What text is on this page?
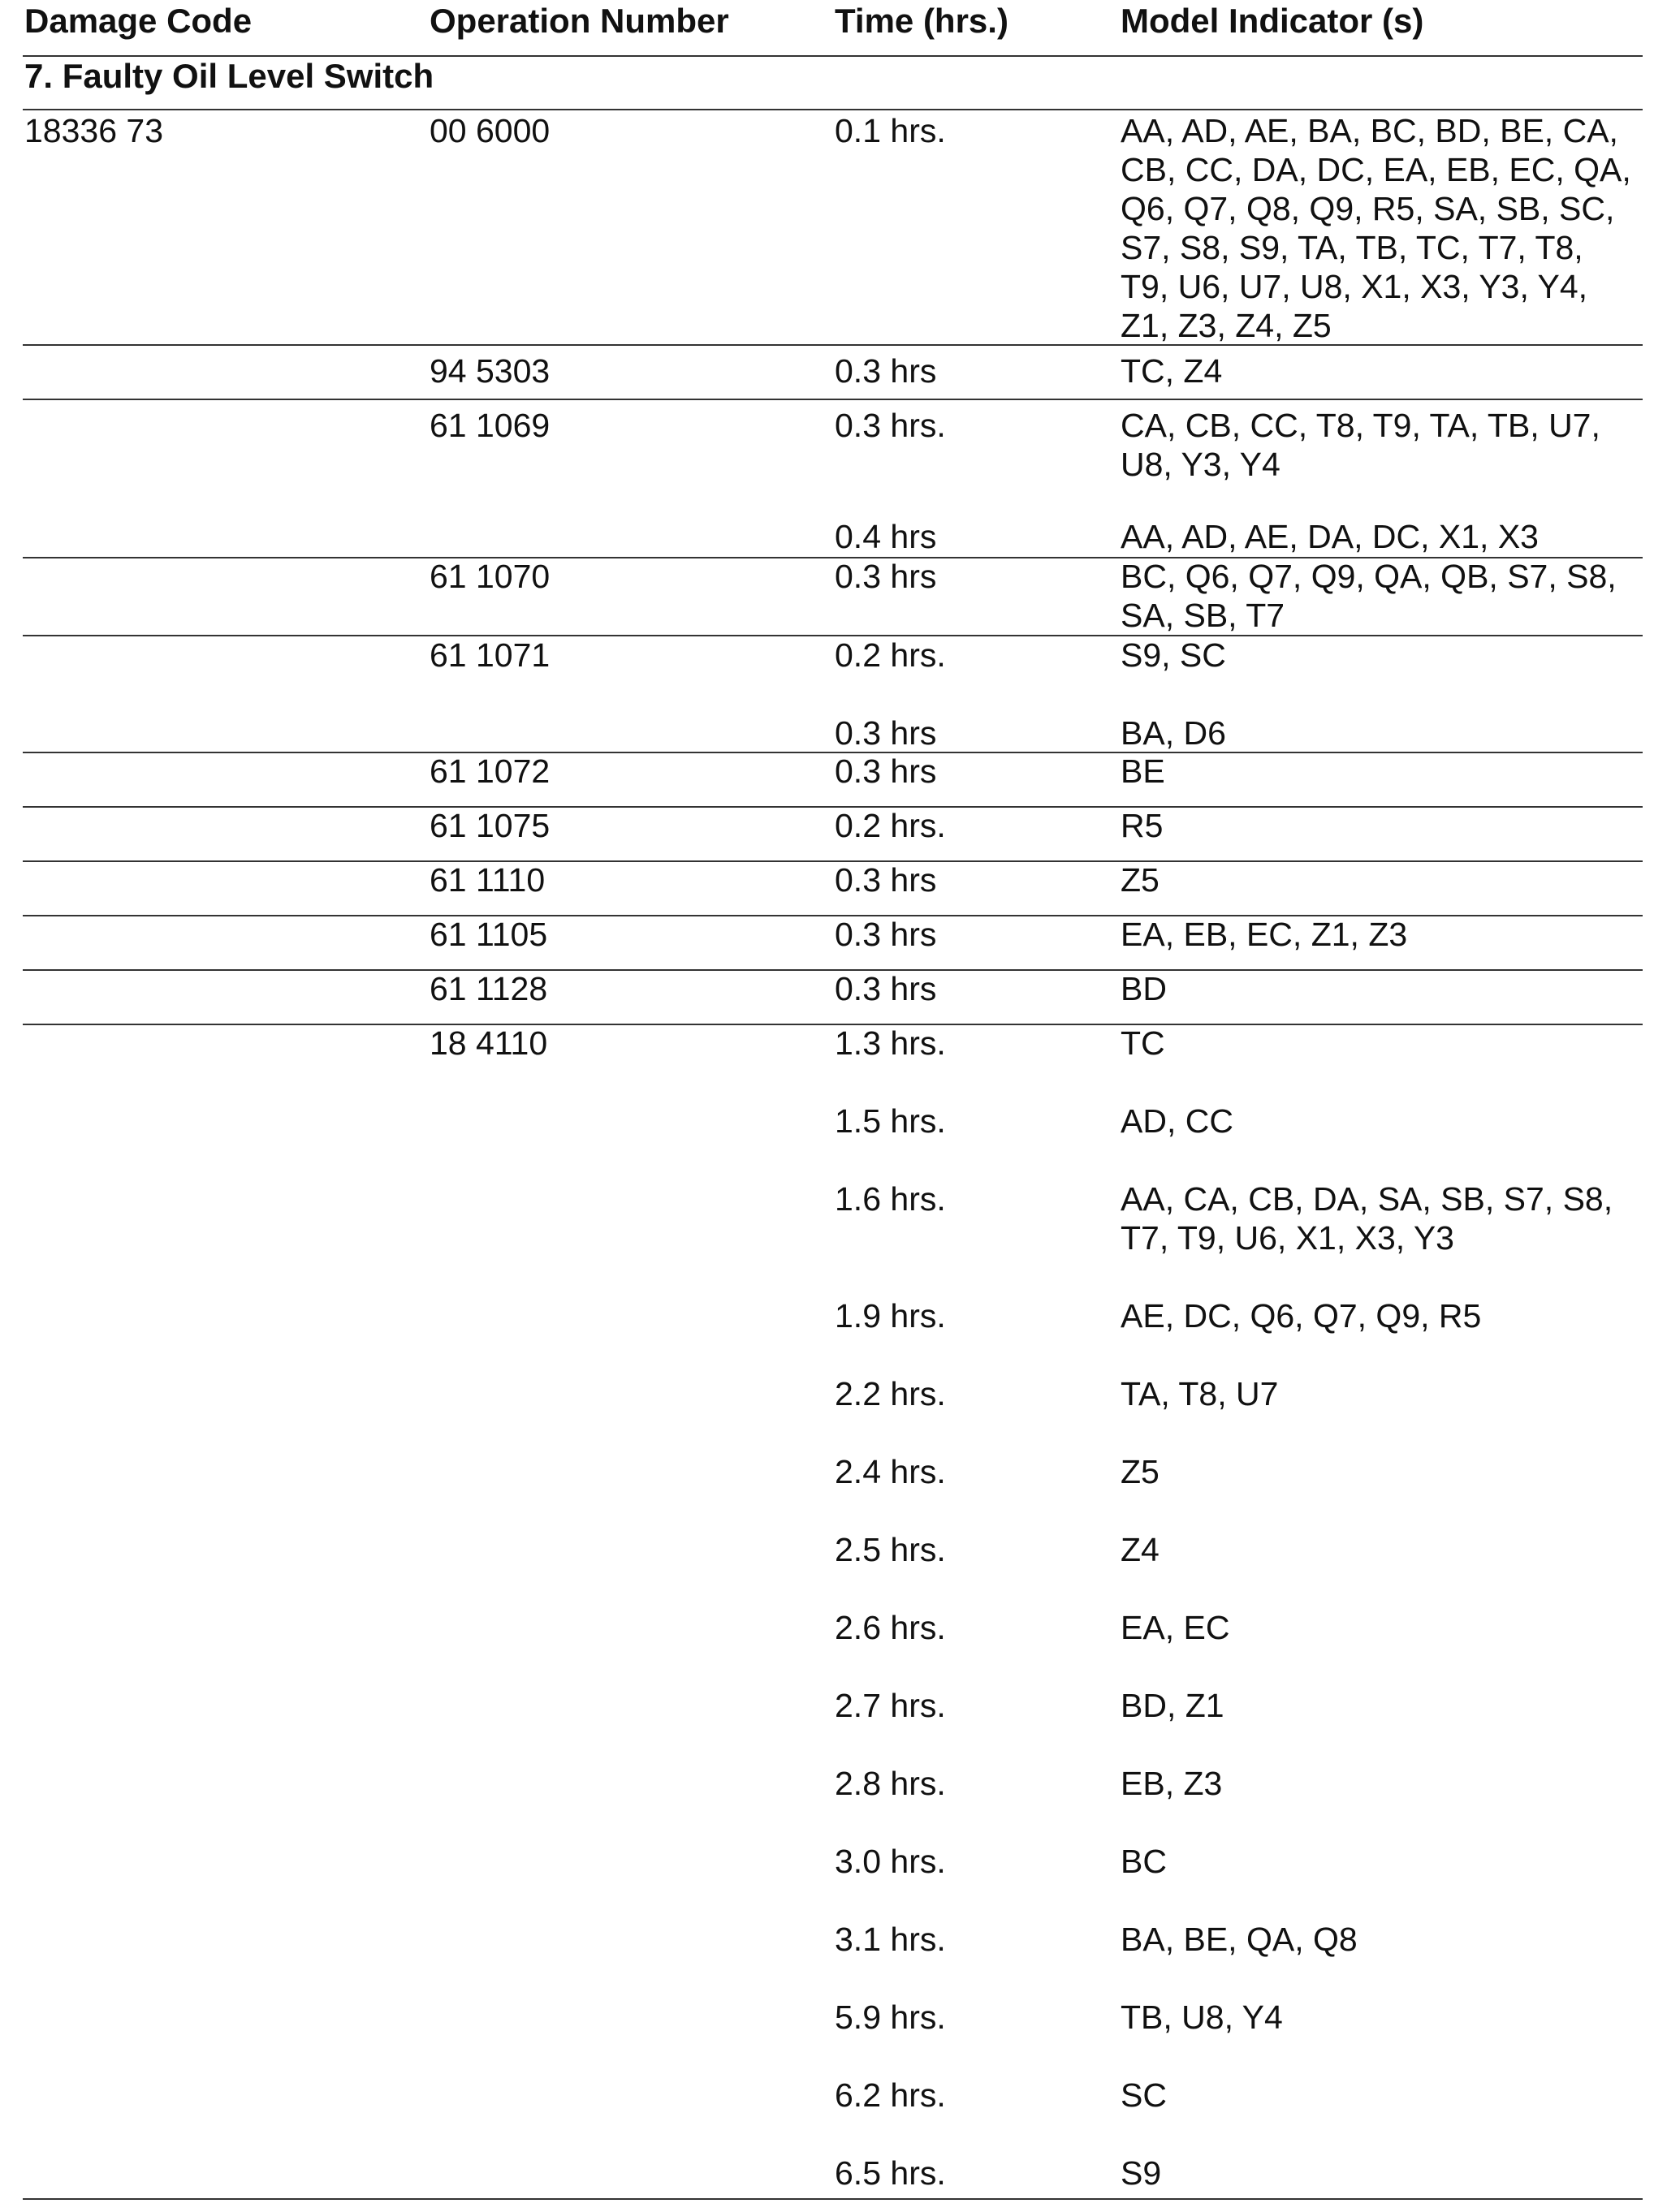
Damage Code	Operation Number	Time (hrs.)	Model Indicator (s)
7. Faulty Oil Level Switch
18336 73	00 6000	0.1 hrs.	AA, AD, AE, BA, BC, BD, BE, CA,
CB, CC, DA, DC, EA, EB, EC, QA,
Q6, Q7, Q8, Q9, R5, SA, SB, SC,
S7, S8, S9, TA, TB, TC, T7, T8,
T9, U6, U7, U8, X1, X3, Y3, Y4,
Z1, Z3, Z4, Z5
94 5303	0.3 hrs	TC, Z4
61 1069	0.3 hrs.	CA, CB, CC, T8, T9, TA, TB, U7,
U8, Y3, Y4
0.4 hrs	AA, AD, AE, DA, DC, X1, X3
61 1070	0.3 hrs	BC, Q6, Q7, Q9, QA, QB, S7, S8,
SA, SB, T7
61 1071	0.2 hrs.	S9, SC
0.3 hrs	BA, D6
61 1072	0.3 hrs	BE
61 1075	0.2 hrs.	R5
61 1110	0.3 hrs	Z5
61 1105	0.3 hrs	EA, EB, EC, Z1, Z3
61 1128	0.3 hrs	BD
18 4110	1.3 hrs.	TC
1.5 hrs.	AD, CC
1.6 hrs.	AA, CA, CB, DA, SA, SB, S7, S8,
T7, T9, U6, X1, X3, Y3
1.9 hrs.	AE, DC, Q6, Q7, Q9, R5
2.2 hrs.	TA, T8, U7
2.4 hrs.	Z5
2.5 hrs.	Z4
2.6 hrs.	EA, EC
2.7 hrs.	BD, Z1
2.8 hrs.	EB, Z3
3.0 hrs.	BC
3.1 hrs.	BA, BE, QA, Q8
5.9 hrs.	TB, U8, Y4
6.2 hrs.	SC
6.5 hrs.	S9
